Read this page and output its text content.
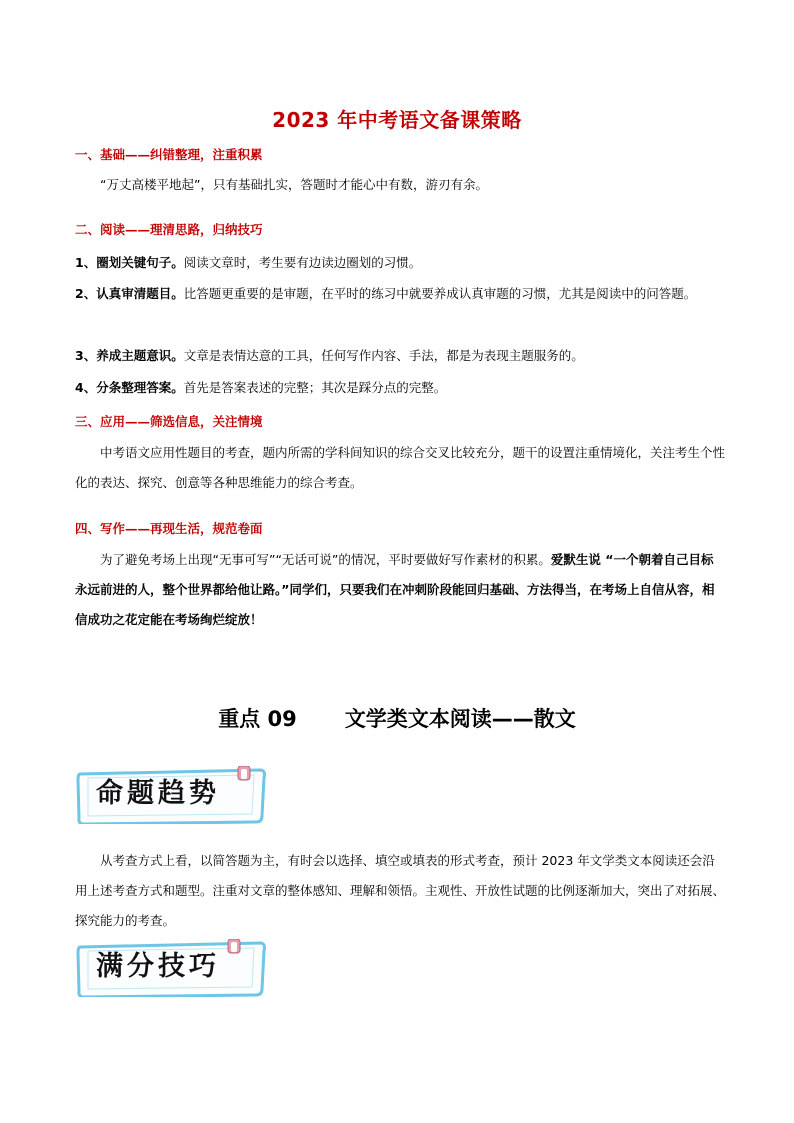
2023 年中考语文备课策略
一、基础——纠错整理，注重积累
“万丈高楼平地起”，只有基础扎实，答题时才能心中有数，游刃有余。
二、阅读——理清思路，归纳技巧
1、圈划关键句子。阅读文章时，考生要有边读边圈划的习惯。
2、认真审清题目。比答题更重要的是审题，在平时的练习中就要养成认真审题的习惯，尤其是阅读中的问答题。
3、养成主题意识。文章是表情达意的工具，任何写作内容、手法，都是为表现主题服务的。
4、分条整理答案。首先是答案表述的完整；其次是踩分点的完整。
三、应用——筛选信息，关注情境
中考语文应用性题目的考查，题内所需的学科间知识的综合交叉比较充分，题干的设置注重情境化，关注考生个性化的表达、探究、创意等各种思维能力的综合考查。
四、写作——再现生活，规范卷面
为了避免考场上出现“无事可写”“无话可说”的情况，平时要做好写作素材的积累。爱默生说 “一个朝着自己目标永远前进的人，整个世界都给他让路。”同学们，只要我们在冲刺阶段能回归基础、方法得当，在考场上自信从容，相信成功之花定能在考场绚烂绽放！
重点 09 文学类文本阅读——散文
命题趋势
从考查方式上看，以简答题为主，有时会以选择、填空或填表的形式考查，预计 2023 年文学类文本阅读还会沿用上述考查方式和题型。注重对文章的整体感知、理解和领悟。主观性、开放性试题的比例逐渐加大，突出了对拓展、探究能力的考查。
满分技巧
